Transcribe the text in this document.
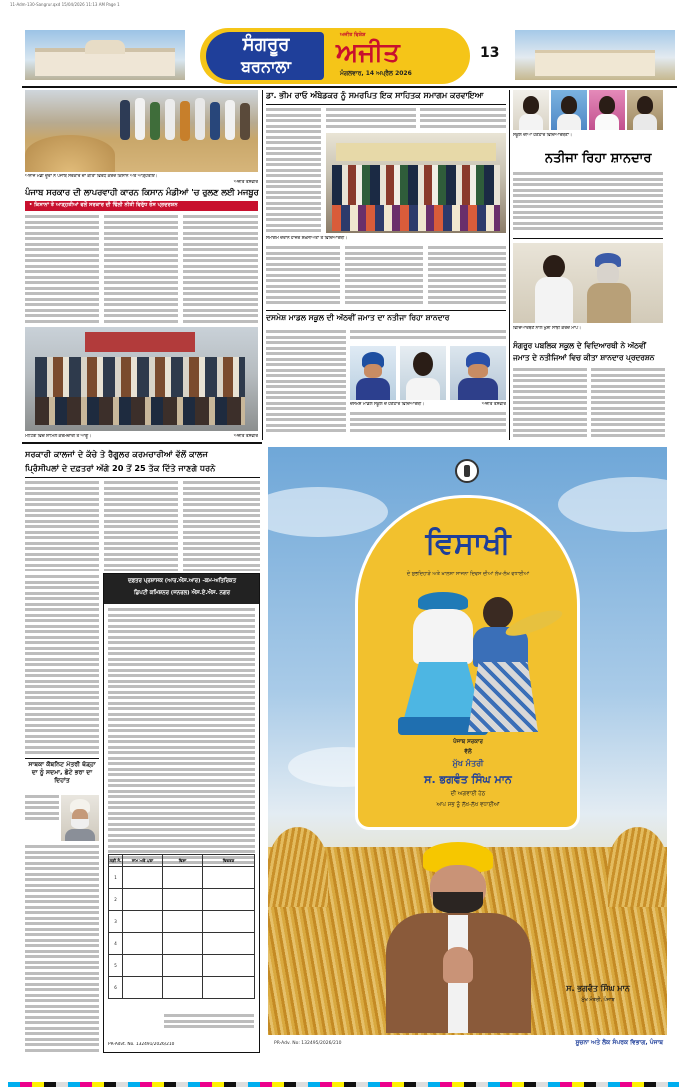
11-Adm-130-Sangrur.qxd 15/04/2026 11:13 AM Page 1
ਸੰਗਰੂਰ
ਬਰਨਾਲਾ
ਅਜੀਤ ਵਿਸ਼ੇਸ਼
ਅਜੀਤ
ਮੰਗਲਵਾਰ, 14 ਅਪ੍ਰੈਲ 2026
13
ਅਨਾਜ ਮੰਡੀ ਦੂਰਾ ਨੇ ਪੰਜਾਬ ਸਰਕਾਰ ਦਾ ਕੀਤਾ ਵਿਰੋਧ ਕਰਦੇ ਕਿਸਾਨ ਅਤੇ ਆੜ੍ਹਤੀਏ।
ਅਜੀਤ ਤਸਵੀਰ
ਪੰਜਾਬ ਸਰਕਾਰ ਦੀ ਲਾਪਰਵਾਹੀ ਕਾਰਨ ਕਿਸਾਨ ਮੰਡੀਆਂ 'ਚ ਰੁਲਣ ਲਈ ਮਜਬੂਰ
• ਕਿਸਾਨਾਂ ਤੇ ਆੜ੍ਹਤੀਆਂ ਵਲੋਂ ਸਰਕਾਰ ਦੀ ਢਿੱਲੀ ਨੀਤੀ ਵਿਰੁੱਧ ਰੋਸ ਪ੍ਰਦਰਸ਼ਨ
ਮੀਟਿੰਗ ਵਿਚ ਸ਼ਾਮਿਲ ਕਰਮਚਾਰੀ ਤੇ ਆਗੂ।	ਅਜੀਤ ਤਸਵੀਰ
ਡਾ. ਭੀਮ ਰਾਓ ਅੰਬੇਡਕਰ ਨੂੰ ਸਮਰਪਿਤ ਇਕ ਸਾਹਿਤਕ ਸਮਾਗਮ ਕਰਵਾਇਆ
ਸਮਾਗਮ ਦੌਰਾਨ ਹਾਜ਼ਰ ਸ਼ਖ਼ਸੀਅਤਾਂ ਤੇ ਵਿਦਿਆਰਥੀ।
ਸਕੂਲ ਦੀਆਂ ਹੋਣਹਾਰ ਵਿਦਿਆਰਥਣਾਂ।
ਨਤੀਜਾ ਰਿਹਾ ਸ਼ਾਨਦਾਰ
ਦਸਮੇਸ਼ ਮਾਡਲ ਸਕੂਲ ਦੀ ਅੱਠਵੀਂ ਜਮਾਤ ਦਾ ਨਤੀਜਾ ਰਿਹਾ ਸ਼ਾਨਦਾਰ
ਦਸਮੇਸ਼ ਮਾਡਲ ਸਕੂਲ ਦੇ ਹੋਣਹਾਰ ਵਿਦਿਆਰਥੀ।	ਅਜੀਤ ਤਸਵੀਰ
ਵਿਦਿਆਰਥਣ ਨਾਲ ਖੁਸ਼ੀ ਸਾਂਝੀ ਕਰਦੇ ਮਾਪੇ।
ਸੰਗਰੂਰ ਪਬਲਿਕ ਸਕੂਲ ਦੇ ਵਿਦਿਆਰਥੀ ਨੇ ਅੱਠਵੀਂ
ਜਮਾਤ ਦੇ ਨਤੀਜਿਆਂ ਵਿਚ ਕੀਤਾ ਸ਼ਾਨਦਾਰ ਪ੍ਰਦਰਸ਼ਨ
ਸਰਕਾਰੀ ਕਾਲਜਾਂ ਦੇ ਕੱਚੇ ਤੇ ਰੈਗੂਲਰ ਕਰਮਚਾਰੀਆਂ ਵੱਲੋਂ ਕਾਲਜ
ਪ੍ਰਿੰਸੀਪਲਾਂ ਦੇ ਦਫ਼ਤਰਾਂ ਅੱਗੇ 20 ਤੋਂ 25 ਤੱਕ ਦਿੱਤੇ ਜਾਣਗੇ ਧਰਨੇ
ਦਫ਼ਤਰ ਪ੍ਰਸ਼ਾਸਕ (ਆਰ.ਐਸ.ਆਰ) -ਕਮ-ਅਤਿਰਿਕਤ
ਡਿਪਟੀ ਕਮਿਸ਼ਨਰ (ਜਨਰਲ) ਐਸ.ਏ.ਐਸ. ਨਗਰ
ਲੜੀ ਨੰ.	ਨਾਮ ਅਤੇ ਪਤਾ	ਵਿਸ਼ਾ	ਵਿਵਰਣ
1			
2			
3			
4			
5			
6			
PR-Advt. No. 132491/2026/210
ਸਾਬਕਾ ਕੈਬਨਿਟ ਮੰਤਰੀ ਥੋੜ੍ਹਾ ਦਾ ਨੂੰ ਸਦਮਾ, ਛੋਟੇ ਭਰਾ ਦਾ ਦਿਹਾਂਤ
ਵਿਸਾਖੀ
ਦੇ ਸ਼ੁਭਦਿਹਾੜੇ ਅਤੇ ਖ਼ਾਲਸਾ ਸਾਜਨਾ ਦਿਵਸ ਦੀਆਂ ਲੱਖ-ਲੱਖ ਵਧਾਈਆਂ
ਪੰਜਾਬ ਸਰਕਾਰ
ਵੱਲੋਂ
ਮੁੱਖ ਮੰਤਰੀ
ਸ. ਭਗਵੰਤ ਸਿੰਘ ਮਾਨ
ਦੀ ਅਗਵਾਈ ਹੇਠ
ਆਪ ਸਭ ਨੂੰ ਲੱਖ-ਲੱਖ ਵਧਾਈਆਂ
ਸ. ਭਗਵੰਤ ਸਿੰਘ ਮਾਨ
ਮੁੱਖ ਮੰਤਰੀ, ਪੰਜਾਬ
PR-Adv. No: 132495/2026/210	ਸੂਚਨਾ ਅਤੇ ਲੋਕ ਸੰਪਰਕ ਵਿਭਾਗ, ਪੰਜਾਬ
